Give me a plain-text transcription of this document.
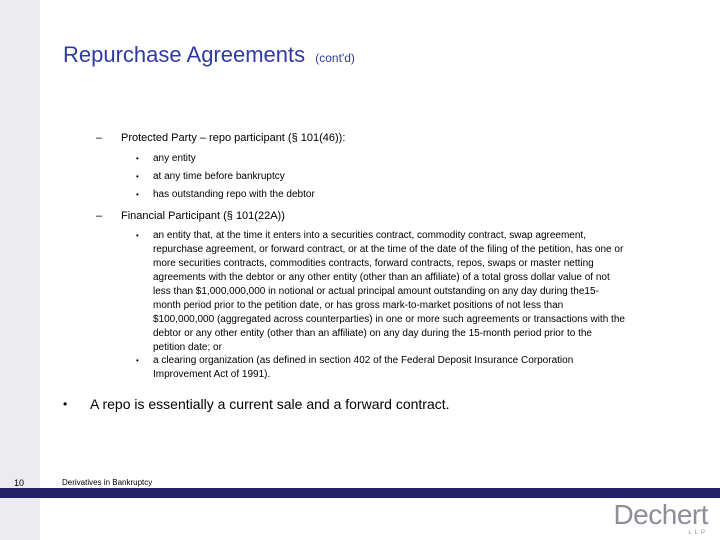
Repurchase Agreements (cont'd)
– Protected Party – repo participant (§ 101(46)):
• any entity
• at any time before bankruptcy
• has outstanding repo with the debtor
– Financial Participant (§ 101(22A))
• an entity that, at the time it enters into a securities contract, commodity contract, swap agreement,
repurchase agreement, or forward contract, or at the time of the date of the filing of the petition, has one or
more securities contracts, commodities contracts, forward contracts, repos, swaps or master netting
agreements with the debtor or any other entity (other than an affiliate) of a total gross dollar value of not
less than $1,000,000,000 in notional or actual principal amount outstanding on any day during the15-
month period prior to the petition date, or has gross mark-to-market positions of not less than
$100,000,000 (aggregated across counterparties) in one or more such agreements or transactions with the
debtor or any other entity (other than an affiliate) on any day during the 15-month period prior to the
petition date; or
• a clearing organization (as defined in section 402 of the Federal Deposit Insurance Corporation
Improvement Act of 1991).
• A repo is essentially a current sale and a forward contract.
10	Derivatives in Bankruptcy
Dechert
LLP
